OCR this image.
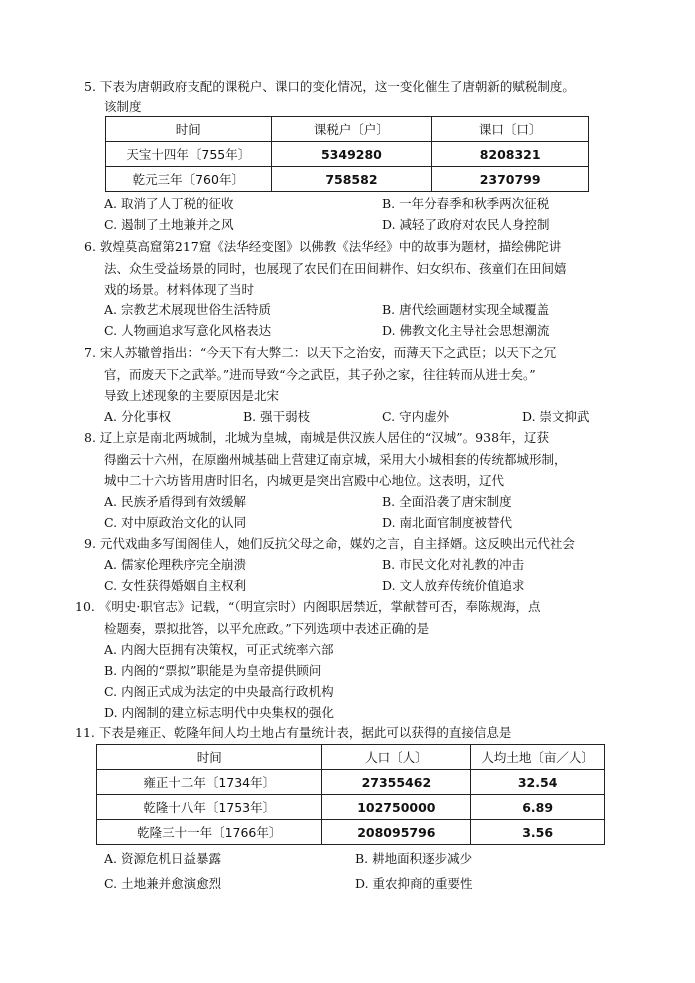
5. 下表为唐朝政府支配的课税户、课口的变化情况，这一变化催生了唐朝新的赋税制度。
该制度
时间	课税户〔户〕	课口〔口〕
天宝十四年〔755年〕	5349280	8208321
乾元三年〔760年〕	758582	2370799
A. 取消了人丁税的征收	B. 一年分春季和秋季两次征税
C. 遏制了土地兼并之风	D. 减轻了政府对农民人身控制
6. 敦煌莫高窟第217窟《法华经变图》以佛教《法华经》中的故事为题材，描绘佛陀讲
法、众生受益场景的同时，也展现了农民们在田间耕作、妇女织布、孩童们在田间嬉
戏的场景。材料体现了当时
A. 宗教艺术展现世俗生活特质	B. 唐代绘画题材实现全域覆盖
C. 人物画追求写意化风格表达	D. 佛教文化主导社会思想潮流
7. 宋人苏辙曾指出：“今天下有大弊二：以天下之治安，而薄天下之武臣；以天下之冗
官，而废天下之武举。”进而导致“今之武臣，其子孙之家，往往转而从进士矣。”
导致上述现象的主要原因是北宋
A. 分化事权	B. 强干弱枝	C. 守内虚外	D. 崇文抑武
8. 辽上京是南北两城制，北城为皇城，南城是供汉族人居住的“汉城”。938年，辽获
得幽云十六州，在原幽州城基础上营建辽南京城，采用大小城相套的传统都城形制，
城中二十六坊皆用唐时旧名，内城更是突出宫殿中心地位。这表明，辽代
A. 民族矛盾得到有效缓解	B. 全面沿袭了唐宋制度
C. 对中原政治文化的认同	D. 南北面官制度被替代
9. 元代戏曲多写闺阁佳人，她们反抗父母之命，媒妁之言，自主择婿。这反映出元代社会
A. 儒家伦理秩序完全崩溃	B. 市民文化对礼教的冲击
C. 女性获得婚姻自主权利	D. 文人放弃传统价值追求
10. 《明史·职官志》记载，“（明宣宗时）内阁职居禁近，掌献替可否，奉陈规海，点
检题奏，票拟批答，以平允庶政。”下列选项中表述正确的是
A. 内阁大臣拥有决策权，可正式统率六部
B. 内阁的“票拟”职能是为皇帝提供顾问
C. 内阁正式成为法定的中央最高行政机构
D. 内阁制的建立标志明代中央集权的强化
11. 下表是雍正、乾隆年间人均土地占有量统计表，据此可以获得的直接信息是
时间	人口〔人〕	人均土地〔亩／人〕
雍正十二年〔1734年〕	27355462	32.54
乾隆十八年〔1753年〕	102750000	6.89
乾隆三十一年〔1766年〕	208095796	3.56
A. 资源危机日益暴露	B. 耕地面积逐步减少
C. 土地兼并愈演愈烈	D. 重农抑商的重要性
